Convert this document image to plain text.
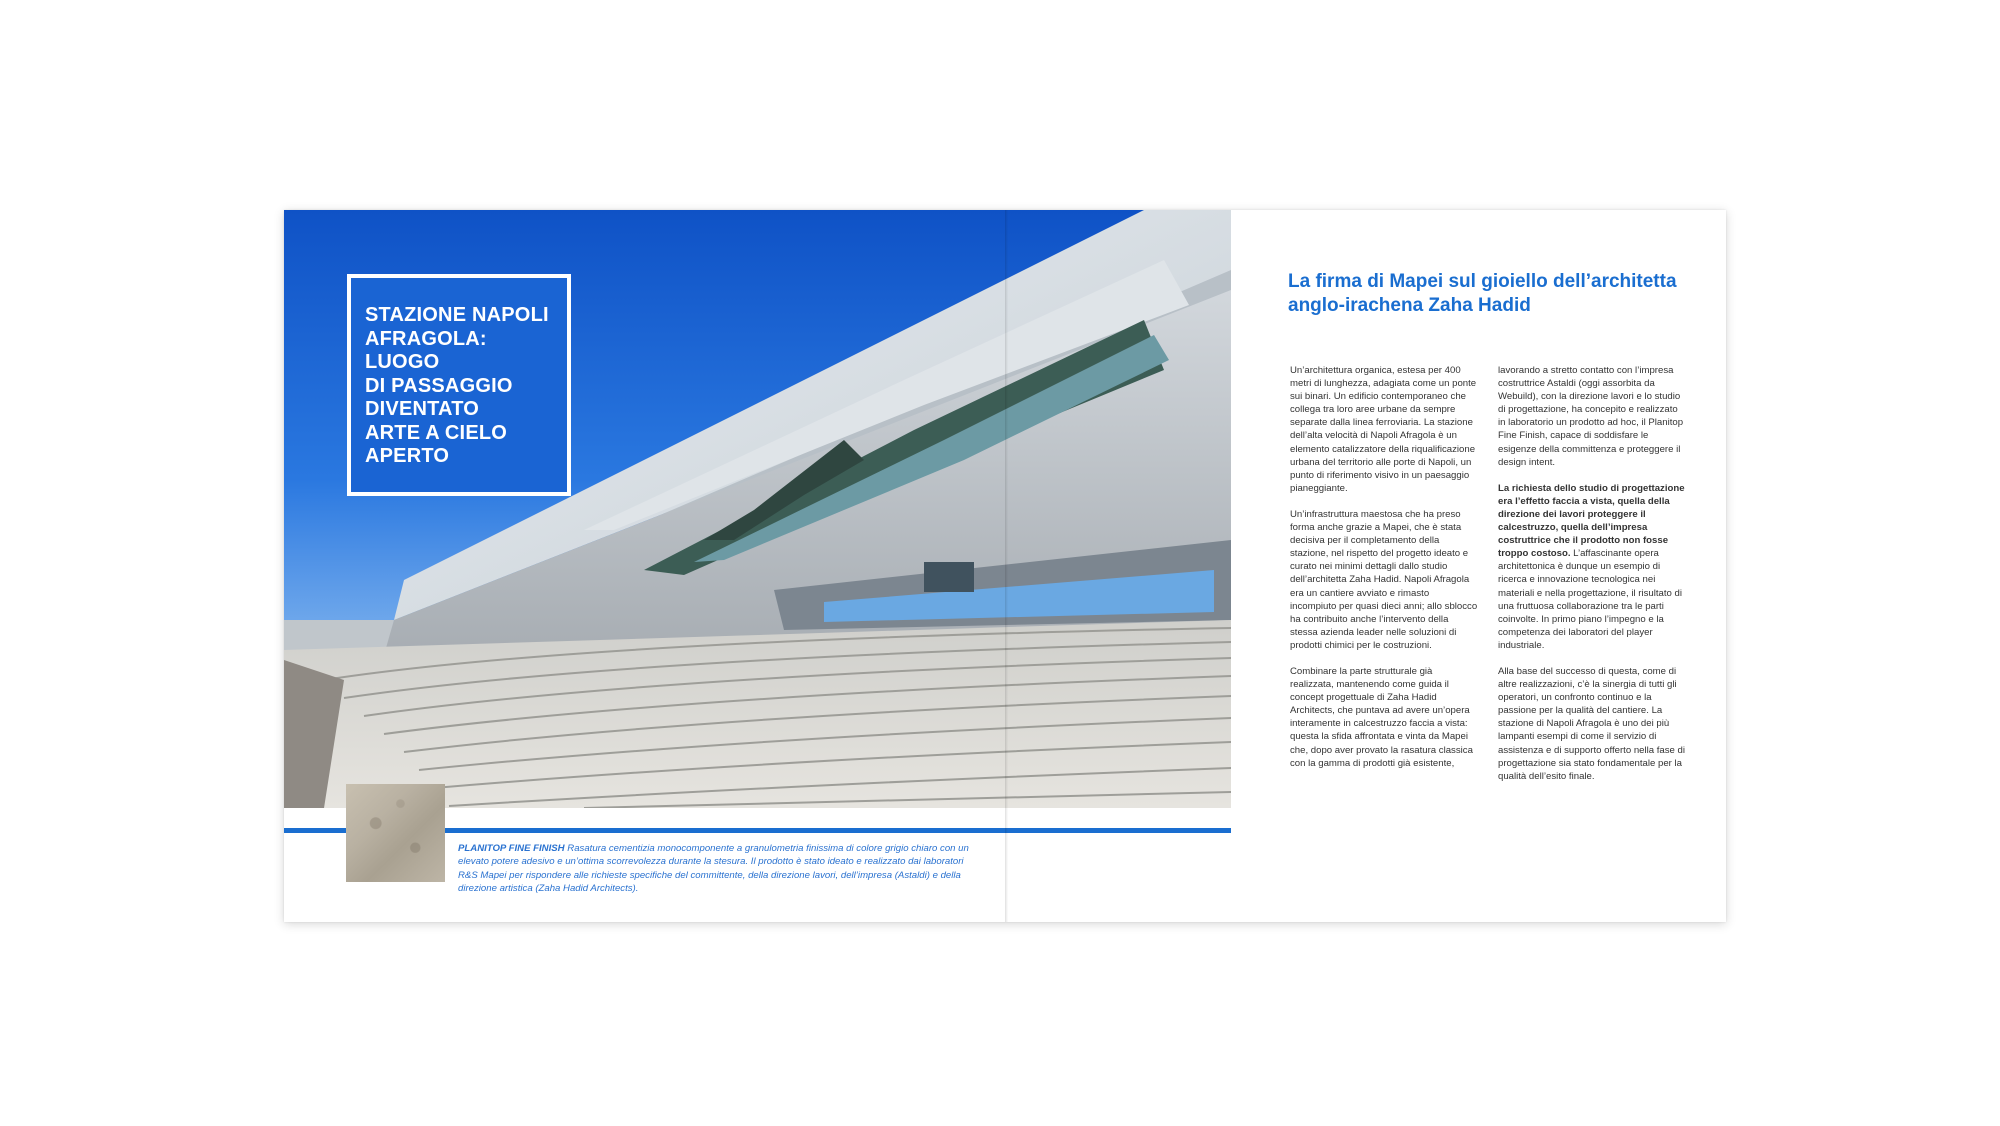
STAZIONE NAPOLI
AFRAGOLA:
LUOGO
DI PASSAGGIO
DIVENTATO
ARTE A CIELO
APERTO
PLANITOP FINE FINISH Rasatura cementizia monocomponente a granulometria finissima di colore grigio chiaro con un elevato potere adesivo e un’ottima scorrevolezza durante la stesura. Il prodotto è stato ideato e realizzato dai laboratori R&S Mapei per rispondere alle richieste specifiche del committente, della direzione lavori, dell’impresa (Astaldi) e della direzione artistica (Zaha Hadid Architects).
La firma di Mapei sul gioiello dell’architetta anglo-irachena Zaha Hadid

Un’architettura organica, estesa per 400 metri di lunghezza, adagiata come un ponte sui binari. Un edificio contemporaneo che collega tra loro aree urbane da sempre separate dalla linea ferroviaria. La stazione dell’alta velocità di Napoli Afragola è un elemento catalizzatore della riqualificazione urbana del territorio alle porte di Napoli, un punto di riferimento visivo in un paesaggio pianeggiante.

Un’infrastruttura maestosa che ha preso forma anche grazie a Mapei, che è stata decisiva per il completamento della stazione, nel rispetto del progetto ideato e curato nei minimi dettagli dallo studio dell’architetta Zaha Hadid. Napoli Afragola era un cantiere avviato e rimasto incompiuto per quasi dieci anni; allo sblocco ha contribuito anche l’intervento della stessa azienda leader nelle soluzioni di prodotti chimici per le costruzioni.

Combinare la parte strutturale già realizzata, mantenendo come guida il concept progettuale di Zaha Hadid Architects, che puntava ad avere un’opera interamente in calcestruzzo faccia a vista: questa la sfida affrontata e vinta da Mapei che, dopo aver provato la rasatura classica con la gamma di prodotti già esistente,

lavorando a stretto contatto con l’impresa costruttrice Astaldi (oggi assorbita da Webuild), con la direzione lavori e lo studio di progettazione, ha concepito e realizzato in laboratorio un prodotto ad hoc, il Planitop Fine Finish, capace di soddisfare le esigenze della committenza e proteggere il design intent.

La richiesta dello studio di progettazione era l’effetto faccia a vista, quella della direzione dei lavori proteggere il calcestruzzo, quella dell’impresa costruttrice che il prodotto non fosse troppo costoso. L’affascinante opera architettonica è dunque un esempio di ricerca e innovazione tecnologica nei materiali e nella progettazione, il risultato di una fruttuosa collaborazione tra le parti coinvolte. In primo piano l’impegno e la competenza dei laboratori del player industriale.

Alla base del successo di questa, come di altre realizzazioni, c’è la sinergia di tutti gli operatori, un confronto continuo e la passione per la qualità del cantiere. La stazione di Napoli Afragola è uno dei più lampanti esempi di come il servizio di assistenza e di supporto offerto nella fase di progettazione sia stato fondamentale per la qualità dell’esito finale.
